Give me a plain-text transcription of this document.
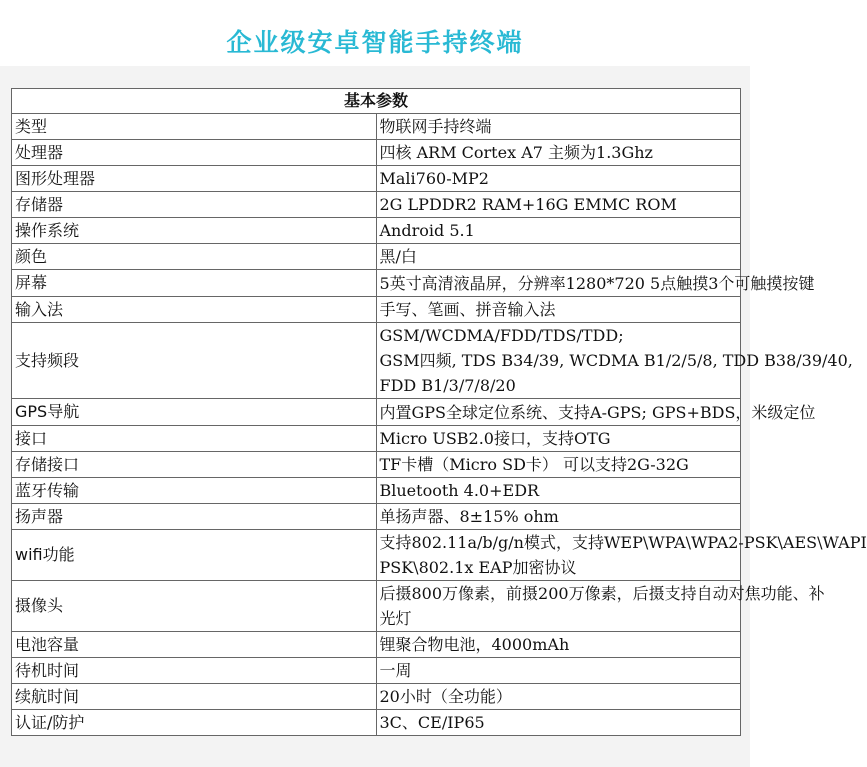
企业级安卓智能手持终端
基本参数	
类型	物联网手持终端

处理器	四核 ARM Cortex A7 主频为1.3Ghz

图形处理器	Mali760-MP2

存储器	2G LPDDR2 RAM+16G EMMC ROM

操作系统	Android 5.1

颜色	黑/白

屏幕	5英寸高清液晶屏，分辨率1280*720 5点触摸3个可触摸按键

输入法	手写、笔画、拼音输入法

支持频段	GSM/WCDMA/FDD/TDS/TDD;
GSM四频, TDS B34/39, WCDMA B1/2/5/8, TDD B38/39/40,
FDD B1/3/7/8/20

GPS导航	内置GPS全球定位系统、支持A-GPS; GPS+BDS，米级定位

接口	Micro USB2.0接口，支持OTG

存储接口	TF卡槽（Micro SD卡） 可以支持2G-32G

蓝牙传输	Bluetooth 4.0+EDR

扬声器	单扬声器、8±15% ohm

wifi功能	支持802.11a/b/g/n模式，支持WEP\WPA\WPA2-PSK\AES\WAPI
PSK\802.1x EAP加密协议

摄像头	后摄800万像素，前摄200万像素，后摄支持自动对焦功能、补
光灯

电池容量	锂聚合物电池，4000mAh

待机时间	一周

续航时间	20小时（全功能）

认证/防护	3C、CE/IP65
